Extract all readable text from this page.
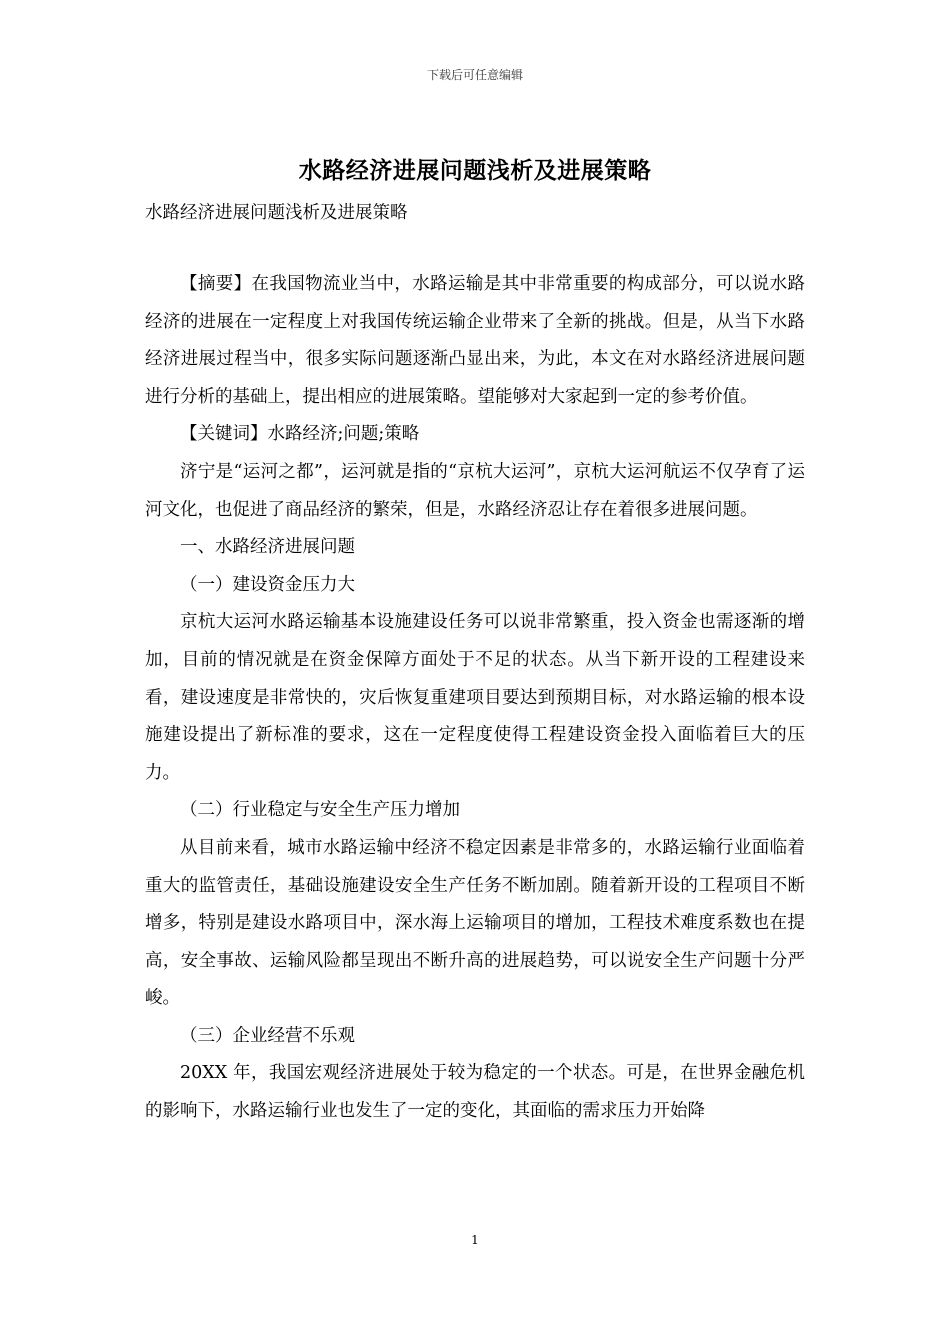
下载后可任意编辑
水路经济进展问题浅析及进展策略
水路经济进展问题浅析及进展策略

【摘要】在我国物流业当中，水路运输是其中非常重要的构成部分，可以说水路经济的进展在一定程度上对我国传统运输企业带来了全新的挑战。但是，从当下水路经济进展过程当中，很多实际问题逐渐凸显出来，为此，本文在对水路经济进展问题进行分析的基础上，提出相应的进展策略。望能够对大家起到一定的参考价值。

【关键词】水路经济;问题;策略

济宁是“运河之都”，运河就是指的“京杭大运河”，京杭大运河航运不仅孕育了运河文化，也促进了商品经济的繁荣，但是，水路经济忍让存在着很多进展问题。

一、水路经济进展问题

（一）建设资金压力大

京杭大运河水路运输基本设施建设任务可以说非常繁重，投入资金也需逐渐的增加，目前的情况就是在资金保障方面处于不足的状态。从当下新开设的工程建设来看，建设速度是非常快的，灾后恢复重建项目要达到预期目标，对水路运输的根本设施建设提出了新标准的要求，这在一定程度使得工程建设资金投入面临着巨大的压力。

（二）行业稳定与安全生产压力增加

从目前来看，城市水路运输中经济不稳定因素是非常多的，水路运输行业面临着重大的监管责任，基础设施建设安全生产任务不断加剧。随着新开设的工程项目不断增多，特别是建设水路项目中，深水海上运输项目的增加，工程技术难度系数也在提高，安全事故、运输风险都呈现出不断升高的进展趋势，可以说安全生产问题十分严峻。

（三）企业经营不乐观

20XX 年，我国宏观经济进展处于较为稳定的一个状态。可是，在世界金融危机的影响下，水路运输行业也发生了一定的变化，其面临的需求压力开始降

1
